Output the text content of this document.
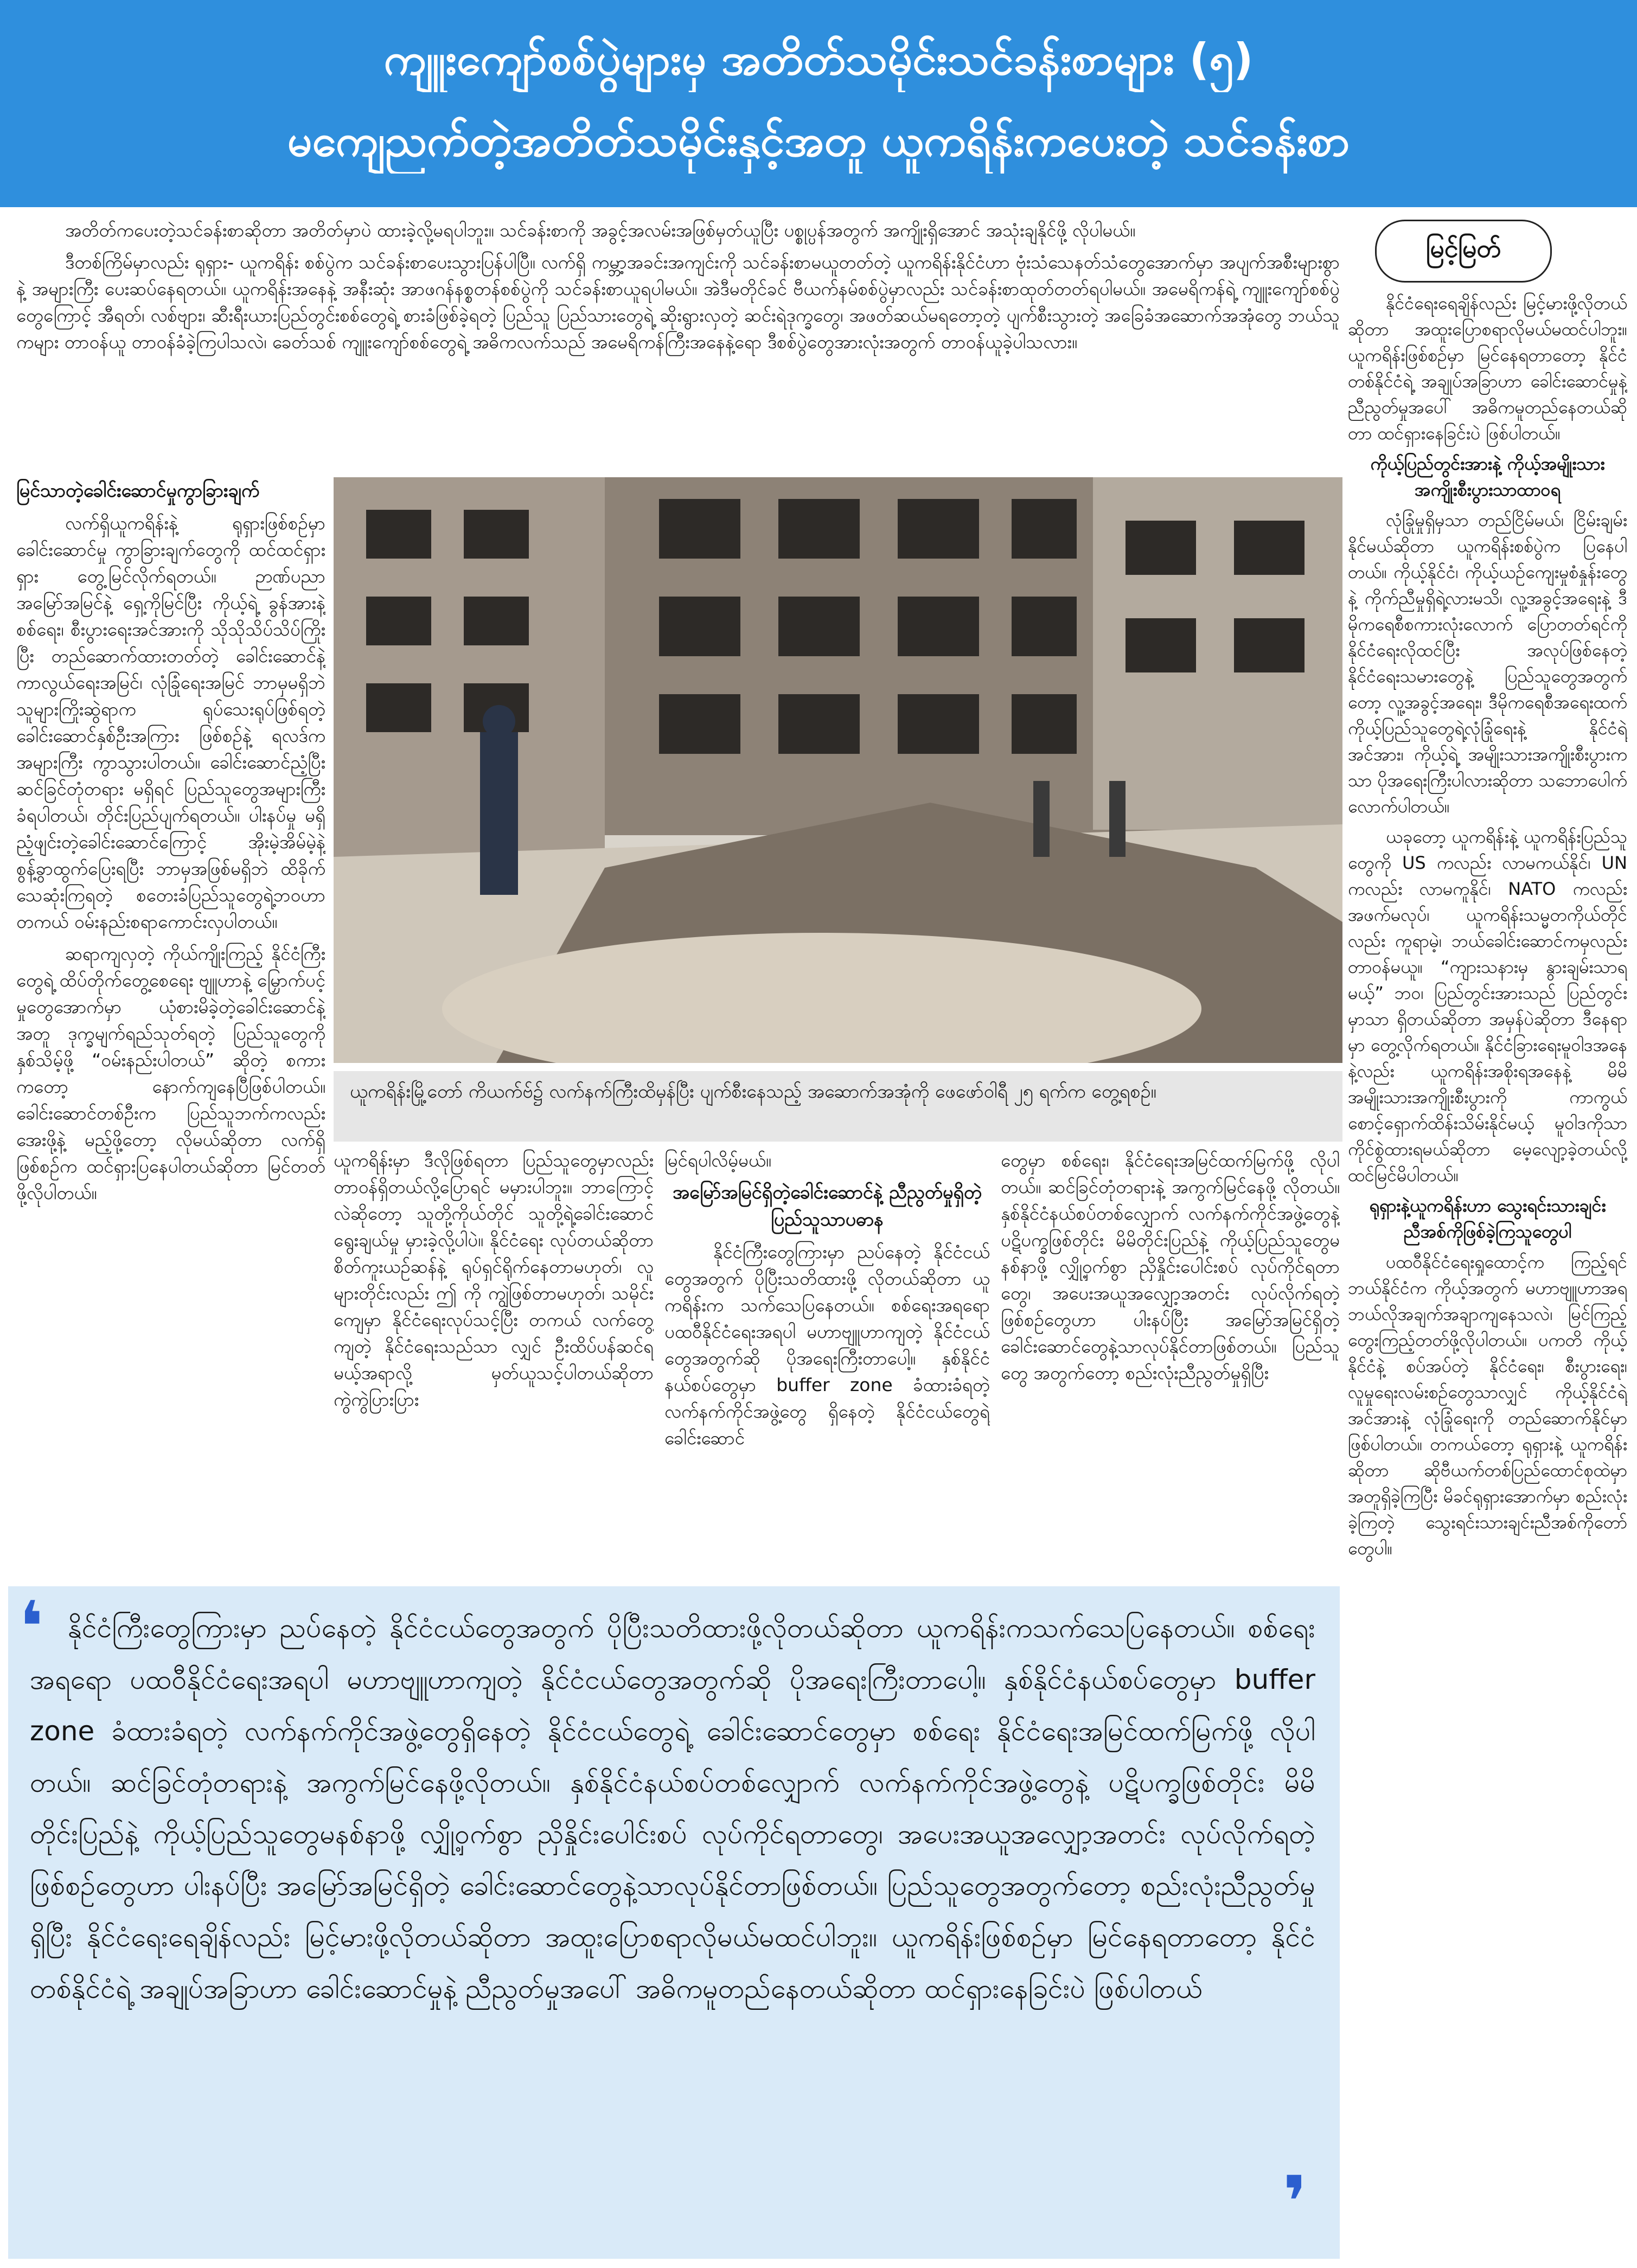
ကျူးကျော်စစ်ပွဲများမှ အတိတ်သမိုင်းသင်ခန်းစာများ (၅)
မကျေညက်တဲ့အတိတ်သမိုင်းနှင့်အတူ ယူကရိန်းကပေးတဲ့ သင်ခန်းစာ

အတိတ်ကပေးတဲ့သင်ခန်းစာဆိုတာ အတိတ်မှာပဲ ထားခဲ့လို့မရပါဘူး။ သင်ခန်းစာကို အခွင့်အလမ်းအဖြစ်မှတ်ယူပြီး ပစ္စုပ္ပန်အတွက် အကျိုးရှိအောင် အသုံးချနိုင်ဖို့ လိုပါမယ်။

ဒီတစ်ကြိမ်မှာလည်း ရုရှား- ယူကရိန်း စစ်ပွဲက သင်ခန်းစာပေးသွားပြန်ပါပြီ။ လက်ရှိ ကမ္ဘာ့အခင်းအကျင်းကို သင်ခန်းစာမယူတတ်တဲ့ ယူကရိန်းနိုင်ငံဟာ ဗုံးသံသေနတ်သံတွေအောက်မှာ အပျက်အစီးများစွာနဲ့ အများကြီး ပေးဆပ်နေရတယ်။ ယူကရိန်းအနေနဲ့ အနီးဆုံး အာဖဂန်နစ္စတန်စစ်ပွဲကို သင်ခန်းစာယူရပါမယ်။ အဲဒီမတိုင်ခင် ဗီယက်နမ်စစ်ပွဲမှာလည်း သင်ခန်းစာထုတ်တတ်ရပါမယ်။ အမေရိကန်ရဲ့ ကျူးကျော်စစ်ပွဲတွေကြောင့် အီရတ်၊ လစ်ဗျား၊ ဆီးရီးယားပြည်တွင်းစစ်တွေရဲ့ စားခံဖြစ်ခဲ့ရတဲ့ ပြည်သူ ပြည်သားတွေရဲ့ ဆိုးရွားလှတဲ့ ဆင်းရဲဒုက္ခတွေ၊ အဖတ်ဆယ်မရတော့တဲ့ ပျက်စီးသွားတဲ့ အခြေခံအဆောက်အအုံတွေ ဘယ်သူကများ တာဝန်ယူ တာဝန်ခံခဲ့ကြပါသလဲ၊ ခေတ်သစ် ကျူးကျော်စစ်တွေရဲ့ အဓိကလက်သည် အမေရိကန်ကြီးအနေနဲ့ရော ဒီစစ်ပွဲတွေအားလုံးအတွက် တာဝန်ယူခဲ့ပါသလား။

မြင်သာတဲ့ခေါင်းဆောင်မှုကွာခြားချက်

လက်ရှိယူကရိန်းနဲ့ ရုရှားဖြစ်စဉ်မှာ ခေါင်းဆောင်မှု ကွာခြားချက်တွေကို ထင်ထင်ရှားရှား တွေ့မြင်လိုက်ရတယ်။ ဉာဏ်ပညာအမြော်အမြင်နဲ့ ရှေ့ကိုမြင်ပြီး ကိုယ့်ရဲ့ ခွန်အားနဲ့ စစ်ရေး၊ စီးပွားရေးအင်အားကို သိုသိုသိပ်သိပ်ကြိုးပြီး တည်ဆောက်ထားတတ်တဲ့ ခေါင်းဆောင်နဲ့ ကာလွယ်ရေးအမြင်၊ လုံခြုံရေးအမြင် ဘာမှမရှိဘဲ သူများကြိုးဆွဲရာက ရုပ်သေးရုပ်ဖြစ်ရတဲ့ ခေါင်းဆောင်နှစ်ဦးအကြား ဖြစ်စဉ်နဲ့ ရလဒ်ကအများကြီး ကွာသွားပါတယ်။ ခေါင်းဆောင်ညံ့ပြီး ဆင်ခြင်တုံတရား မရှိရင် ပြည်သူတွေအများကြီး ခံရပါတယ်၊ တိုင်းပြည်ပျက်ရတယ်။ ပါးနပ်မှု မရှိညံ့ဖျင်းတဲ့ခေါင်းဆောင်ကြောင့် အိုးမဲ့အိမ်မဲ့နဲ့ စွန့်ခွာထွက်ပြေးရပြီး ဘာမှအဖြစ်မရှိဘဲ ထိခိုက်သေဆုံးကြရတဲ့ စတေးခံပြည်သူတွေရဲ့ဘဝဟာ တကယ် ဝမ်းနည်းစရာကောင်းလှပါတယ်။

ဆရာကျလှတဲ့ ကိုယ်ကျိုးကြည့် နိုင်ငံကြီးတွေရဲ့ ထိပ်တိုက်တွေ့စေရေး ဗျူဟာနဲ့ မြှောက်ပင့်မှုတွေအောက်မှာ ယုံစားမိခဲ့တဲ့ခေါင်းဆောင်နဲ့အတူ ဒုက္ခမျက်ရည်သုတ်ရတဲ့ ပြည်သူတွေကို နှစ်သိမ့်ဖို့ “ဝမ်းနည်းပါတယ်” ဆိုတဲ့ စကားကတော့ နောက်ကျနေပြီဖြစ်ပါတယ်။ ခေါင်းဆောင်တစ်ဦးက ပြည်သူဘက်ကလည်း အေးဖို့နဲ့ မည့်ဖို့တော့ လိုမယ်ဆိုတာ လက်ရှိဖြစ်စဉ်က ထင်ရှားပြနေပါတယ်ဆိုတာ မြင်တတ်ဖို့လိုပါတယ်။

ယူကရိန်းမြို့တော် ကိယက်ဗ်၌ လက်နက်ကြီးထိမှန်ပြီး ပျက်စီးနေသည့် အဆောက်အအုံကို ဖေဖော်ဝါရီ ၂၅ ရက်က တွေ့ရစဉ်။

ယူကရိန်းမှာ ဒီလိုဖြစ်ရတာ ပြည်သူတွေမှာလည်း တာဝန်ရှိတယ်လို့ပြောရင် မမှားပါဘူး။ ဘာကြောင့်လဲဆိုတော့ သူတို့ကိုယ်တိုင် သူတို့ရဲ့ခေါင်းဆောင် ရွေးချယ်မှု မှားခဲ့လို့ပါပဲ။ နိုင်ငံရေး လုပ်တယ်ဆိုတာ စိတ်ကူးယဉ်ဆန်နဲ့ ရုပ်ရှင်ရိုက်နေတာမဟုတ်၊ လူများတိုင်းလည်း ဤ ကို ကျွဲဖြစ်တာမဟုတ်၊ သမိုင်းကျေမှာ နိုင်ငံရေးလုပ်သင့်ပြီး တကယ် လက်တွေ့ကျတဲ့ နိုင်ငံရေးသည်သာ လျှင် ဦးထိပ်ပန်ဆင်ရမယ့်အရာလို့ မှတ်ယူသင့်ပါတယ်ဆိုတာ ကွဲကွဲပြားပြား

မြင်ရပါလိမ့်မယ်။

အမြော်အမြင်ရှိတဲ့ခေါင်းဆောင်နဲ့ ညီညွတ်မှုရှိတဲ့ပြည်သူသာပဓာန

နိုင်ငံကြီးတွေကြားမှာ ညပ်နေတဲ့ နိုင်ငံငယ်တွေအတွက် ပိုပြီးသတိထားဖို့ လိုတယ်ဆိုတာ ယူကရိန်းက သက်သေပြနေတယ်။ စစ်ရေးအရရော ပထဝီနိုင်ငံရေးအရပါ မဟာဗျူဟာကျတဲ့ နိုင်ငံငယ်တွေအတွက်ဆို ပိုအရေးကြီးတာပေါ့။ နှစ်နိုင်ငံနယ်စပ်တွေမှာ buffer zone ခံထားခံရတဲ့ လက်နက်ကိုင်အဖွဲ့တွေ ရှိနေတဲ့ နိုင်ငံငယ်တွေရဲ့ ခေါင်းဆောင်

တွေမှာ စစ်ရေး၊ နိုင်ငံရေးအမြင်ထက်မြက်ဖို့ လိုပါတယ်။ ဆင်ခြင်တုံတရားနဲ့ အကွက်မြင်နေဖို့ လိုတယ်။ နှစ်နိုင်ငံနယ်စပ်တစ်လျှောက် လက်နက်ကိုင်အဖွဲ့တွေနဲ့ ပဋိပက္ခဖြစ်တိုင်း မိမိတိုင်းပြည်နဲ့ ကိုယ့်ပြည်သူတွေမနစ်နာဖို့ လျှို့ဝှက်စွာ ညှိနှိုင်းပေါင်းစပ် လုပ်ကိုင်ရတာတွေ၊ အပေးအယူအလျှော့အတင်း လုပ်လိုက်ရတဲ့ဖြစ်စဉ်တွေဟာ ပါးနပ်ပြီး အမြော်အမြင်ရှိတဲ့ ခေါင်းဆောင်တွေနဲ့သာလုပ်နိုင်တာဖြစ်တယ်။ ပြည်သူတွေ အတွက်တော့ စည်းလုံးညီညွတ်မှုရှိပြီး

မြင့်မြတ်

နိုင်ငံရေးရေချိန်လည်း မြင့်မားဖို့လိုတယ်ဆိုတာ အထူးပြောစရာလိုမယ်မထင်ပါဘူး။ ယူကရိန်းဖြစ်စဉ်မှာ မြင်နေရတာတော့ နိုင်ငံတစ်နိုင်ငံရဲ့ အချုပ်အခြာဟာ ခေါင်းဆောင်မှုနဲ့ ညီညွတ်မှုအပေါ် အဓိကမူတည်နေတယ်ဆိုတာ ထင်ရှားနေခြင်းပဲ ဖြစ်ပါတယ်။

ကိုယ့်ပြည်တွင်းအားနဲ့ ကိုယ့်အမျိုးသား အကျိုးစီးပွားသာထာဝရ

လုံခြုံမှုရှိမှသာ တည်ငြိမ်မယ်၊ ငြိမ်းချမ်းနိုင်မယ်ဆိုတာ ယူကရိန်းစစ်ပွဲက ပြနေပါတယ်။ ကိုယ့်နိုင်ငံ၊ ကိုယ့်ယဉ်ကျေးမှုစံနှုန်းတွေနဲ့ ကိုက်ညီမှုရှိရဲ့လားမသိ၊ လူ့အခွင့်အရေးနဲ့ ဒီမိုကရေစီစကားလုံးလောက် ပြောတတ်ရင်ကို နိုင်ငံရေးလိုထင်ပြီး အလုပ်ဖြစ်နေတဲ့ နိုင်ငံရေးသမားတွေနဲ့ ပြည်သူတွေအတွက်တော့ လူ့အခွင့်အရေး၊ ဒီမိုကရေစီအရေးထက် ကိုယ့်ပြည်သူတွေရဲ့လုံခြုံရေးနဲ့ နိုင်ငံရဲ့ အင်အား၊ ကိုယ့်ရဲ့ အမျိုးသားအကျိုးစီးပွားကသာ ပိုအရေးကြီးပါလားဆိုတာ သဘောပေါက်လောက်ပါတယ်။

ယခုတော့ ယူကရိန်းနဲ့ ယူကရိန်းပြည်သူတွေကို US ကလည်း လာမကယ်နိုင်၊ UN ကလည်း လာမကူနိုင်၊ NATO ကလည်း အဖက်မလုပ်၊ ယူကရိန်းသမ္မတကိုယ်တိုင်လည်း ကူရာမဲ့၊ ဘယ်ခေါင်းဆောင်ကမှလည်း တာဝန်မယူ။ “ကျားသနားမှ နွားချမ်းသာရမယ့်” ဘဝ၊ ပြည်တွင်းအားသည် ပြည်တွင်းမှာသာ ရှိတယ်ဆိုတာ အမှန်ပဲဆိုတာ ဒီနေရာမှာ တွေ့လိုက်ရတယ်။ နိုင်ငံခြားရေးမူဝါဒအနေနဲ့လည်း ယူကရိန်းအစိုးရအနေနဲ့ မိမိအမျိုးသားအကျိုးစီးပွားကို ကာကွယ်စောင့်ရှောက်ထိန်းသိမ်းနိုင်မယ့် မူဝါဒကိုသာ ကိုင်စွဲထားရမယ်ဆိုတာ မေ့လျော့ခဲ့တယ်လို့ ထင်မြင်မိပါတယ်။

ရုရှားနဲ့ယူကရိန်းဟာ သွေးရင်းသားချင်း ညီအစ်ကိုဖြစ်ခဲ့ကြသူတွေပါ

ပထဝီနိုင်ငံရေးရှုထောင့်က ကြည့်ရင် ဘယ်နိုင်ငံက ကိုယ့်အတွက် မဟာဗျူဟာအရ ဘယ်လိုအချက်အချာကျနေသလဲ၊ မြင်ကြည့်တွေးကြည့်တတ်ဖို့လိုပါတယ်။ ပကတိ ကိုယ့်နိုင်ငံနဲ့ စပ်အပ်တဲ့ နိုင်ငံရေး၊ စီးပွားရေး၊ လူမှုရေးလမ်းစဉ်တွေသာလျှင် ကိုယ့်နိုင်ငံရဲ့ အင်အားနဲ့ လုံခြုံရေးကို တည်ဆောက်နိုင်မှာဖြစ်ပါတယ်။ တကယ်တော့ ရုရှားနဲ့ ယူကရိန်းဆိုတာ ဆိုဗီယက်တစ်ပြည်ထောင်စုထဲမှာ အတူရှိခဲ့ကြပြီး မိခင်ရုရှားအောက်မှာ စည်းလုံးခဲ့ကြတဲ့ သွေးရင်းသားချင်းညီအစ်ကိုတော်တွေပါ။

❛ နိုင်ငံကြီးတွေကြားမှာ ညပ်နေတဲ့ နိုင်ငံငယ်တွေအတွက် ပိုပြီးသတိထားဖို့လိုတယ်ဆိုတာ ယူကရိန်းကသက်သေပြနေတယ်။ စစ်ရေးအရရော ပထဝီနိုင်ငံရေးအရပါ မဟာဗျူဟာကျတဲ့ နိုင်ငံငယ်တွေအတွက်ဆို ပိုအရေးကြီးတာပေါ့။ နှစ်နိုင်ငံနယ်စပ်တွေမှာ buffer zone ခံထားခံရတဲ့ လက်နက်ကိုင်အဖွဲ့တွေရှိနေတဲ့ နိုင်ငံငယ်တွေရဲ့ ခေါင်းဆောင်တွေမှာ စစ်ရေး နိုင်ငံရေးအမြင်ထက်မြက်ဖို့ လိုပါတယ်။ ဆင်ခြင်တုံတရားနဲ့ အကွက်မြင်နေဖို့လိုတယ်။ နှစ်နိုင်ငံနယ်စပ်တစ်လျှောက် လက်နက်ကိုင်အဖွဲ့တွေနဲ့ ပဋိပက္ခဖြစ်တိုင်း မိမိတိုင်းပြည်နဲ့ ကိုယ့်ပြည်သူတွေမနစ်နာဖို့ လျှို့ဝှက်စွာ ညှိနှိုင်းပေါင်းစပ် လုပ်ကိုင်ရတာတွေ၊ အပေးအယူအလျှော့အတင်း လုပ်လိုက်ရတဲ့ဖြစ်စဉ်တွေဟာ ပါးနပ်ပြီး အမြော်အမြင်ရှိတဲ့ ခေါင်းဆောင်တွေနဲ့သာလုပ်နိုင်တာဖြစ်တယ်။ ပြည်သူတွေအတွက်တော့ စည်းလုံးညီညွတ်မှုရှိပြီး နိုင်ငံရေးရေချိန်လည်း မြင့်မားဖို့လိုတယ်ဆိုတာ အထူးပြောစရာလိုမယ်မထင်ပါဘူး။ ယူကရိန်းဖြစ်စဉ်မှာ မြင်နေရတာတော့ နိုင်ငံတစ်နိုင်ငံရဲ့ အချုပ်အခြာဟာ ခေါင်းဆောင်မှုနဲ့ ညီညွတ်မှုအပေါ် အဓိကမူတည်နေတယ်ဆိုတာ ထင်ရှားနေခြင်းပဲ ဖြစ်ပါတယ်
❜
